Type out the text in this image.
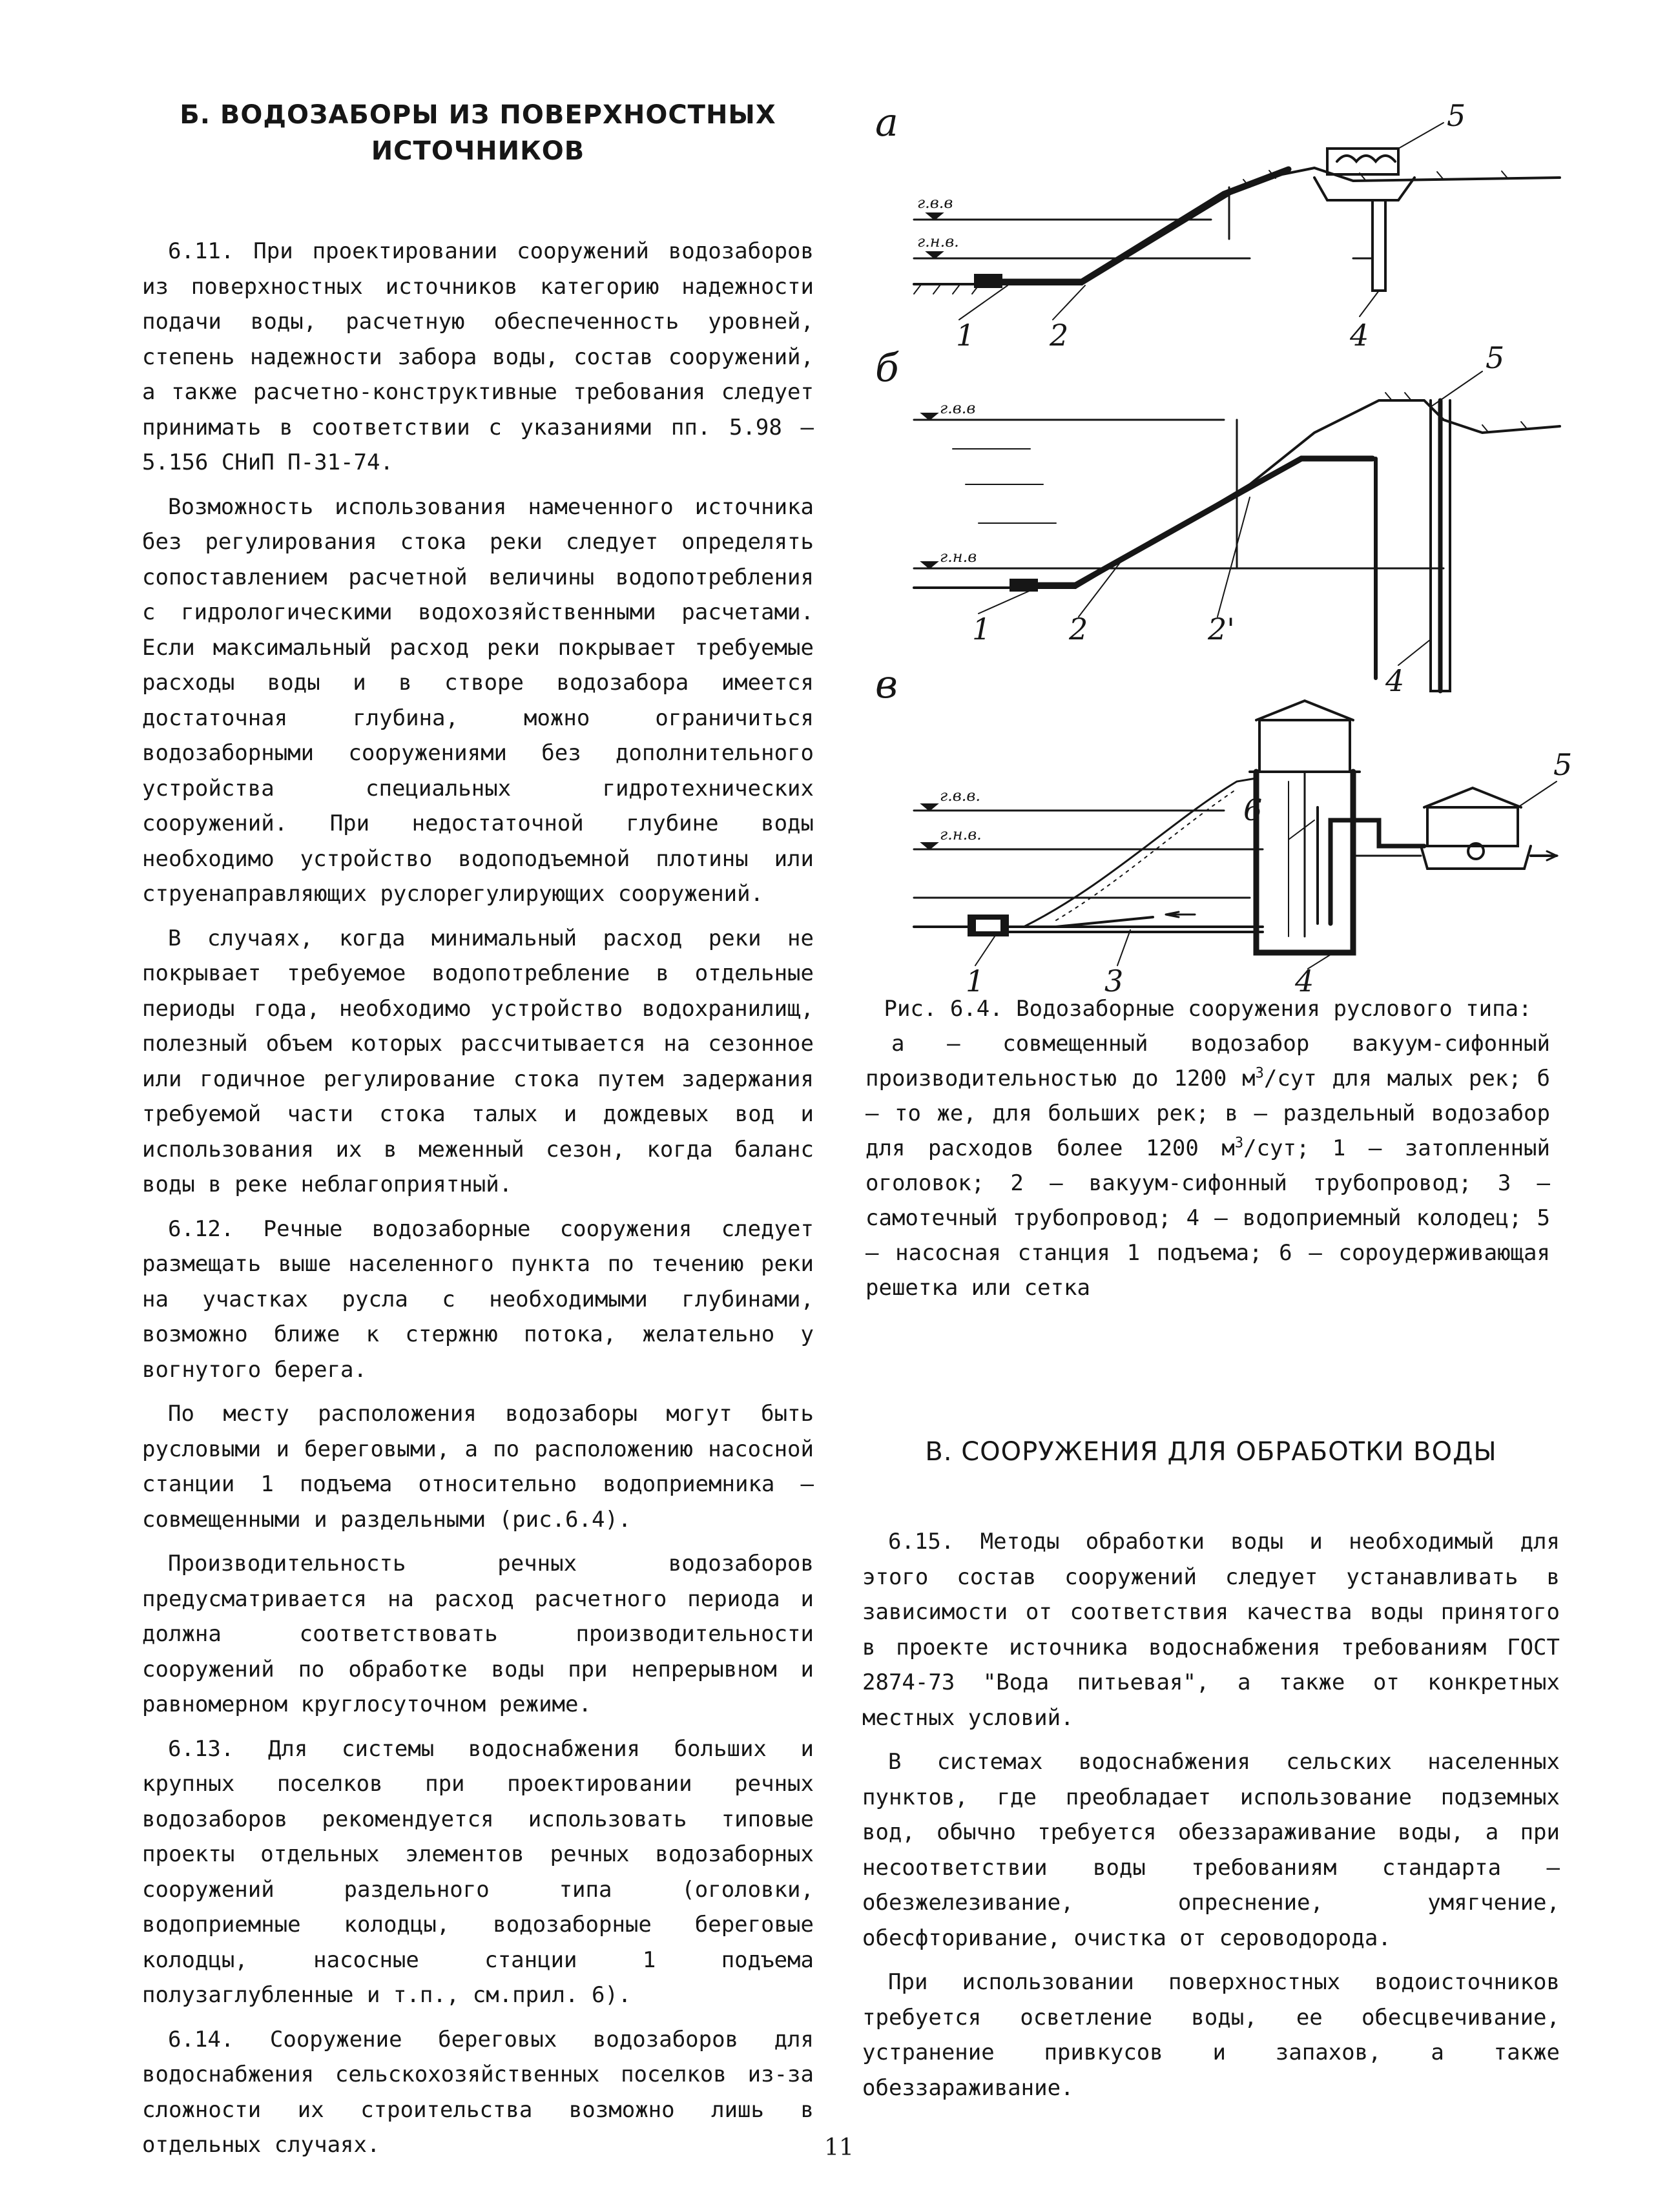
Б. ВОДОЗАБОРЫ ИЗ ПОВЕРХНОСТНЫХ
ИСТОЧНИКОВ

6.11. При проектировании сооружений водозаборов из поверхностных источников категорию надежности подачи воды, расчетную обеспеченность уровней, степень надежности забора воды, состав сооружений, а также расчетно-конструктивные требования следует принимать в соответствии с указаниями пп. 5.98 – 5.156 СНиП П-31-74.

Возможность использования намеченного источника без регулирования стока реки следует определять сопоставлением расчетной величины водопотребления с гидрологическими водохозяйственными расчетами. Если максимальный расход реки покрывает требуемые расходы воды и в створе водозабора имеется достаточная глубина, можно ограничиться водозаборными сооружениями без дополнительного устройства специальных гидротехнических сооружений. При недостаточной глубине воды необходимо устройство водоподъемной плотины или струенаправляющих руслорегулирующих сооружений.

В случаях, когда минимальный расход реки не покрывает требуемое водопотребление в отдельные периоды года, необходимо устройство водохранилищ, полезный объем которых рассчитывается на сезонное или годичное регулирование стока путем задержания требуемой части стока талых и дождевых вод и использования их в меженный сезон, когда баланс воды в реке неблагоприятный.

6.12. Речные водозаборные сооружения следует размещать выше населенного пункта по течению реки на участках русла с необходимыми глубинами, возможно ближе к стержню потока, желательно у вогнутого берега.

По месту расположения водозаборы могут быть русловыми и береговыми, а по расположению насосной станции 1 подъема относительно водоприемника – совмещенными и раздельными (рис.6.4).

Производительность речных водозаборов предусматривается на расход расчетного периода и должна соответствовать производительности сооружений по обработке воды при непрерывном и равномерном круглосуточном режиме.

6.13. Для системы водоснабжения больших и крупных поселков при проектировании речных водозаборов рекомендуется использовать типовые проекты отдельных элементов речных водозаборных сооружений раздельного типа (оголовки, водоприемные колодцы, водозаборные береговые колодцы, насосные станции 1 подъема полузаглубленные и т.п., см.прил. 6).

6.14. Сооружение береговых водозаборов для водоснабжения сельскохозяйственных поселков из-за сложности их строительства возможно лишь в отдельных случаях.

а
б
в
г.в.в
г.н.в.
1	2	4
5
г.в.в
г.н.в
1	2	2'
4
5
г.в.в.
г.н.в.
1	3	4
5
6
Рис. 6.4. Водозаборные сооружения руслового типа:
а – совмещенный водозабор вакуум-сифонный производительностью до 1200 $м^3$/сут для малых рек; б – то же, для больших рек; в – раздельный водозабор для расходов более 1200 $м^3$/сут; 1 – затопленный оголовок; 2 – вакуум-сифонный трубопровод; 3 – самотечный трубопровод; 4 – водоприемный колодец; 5 – насосная станция 1 подъема; 6 – сороудерживающая решетка или сетка
В. СООРУЖЕНИЯ ДЛЯ ОБРАБОТКИ ВОДЫ

6.15. Методы обработки воды и необходимый для этого состав сооружений следует устанавливать в зависимости от соответствия качества воды принятого в проекте источника водоснабжения требованиям ГОСТ 2874-73 "Вода питьевая", а также от конкретных местных условий.

В системах водоснабжения сельских населенных пунктов, где преобладает использование подземных вод, обычно требуется обеззараживание воды, а при несоответствии воды требованиям стандарта – обезжелезивание, опреснение, умягчение, обесфторивание, очистка от сероводорода.

При использовании поверхностных водоисточников требуется осветление воды, ее обесцвечивание, устранение привкусов и запахов, а также обеззараживание.

11
